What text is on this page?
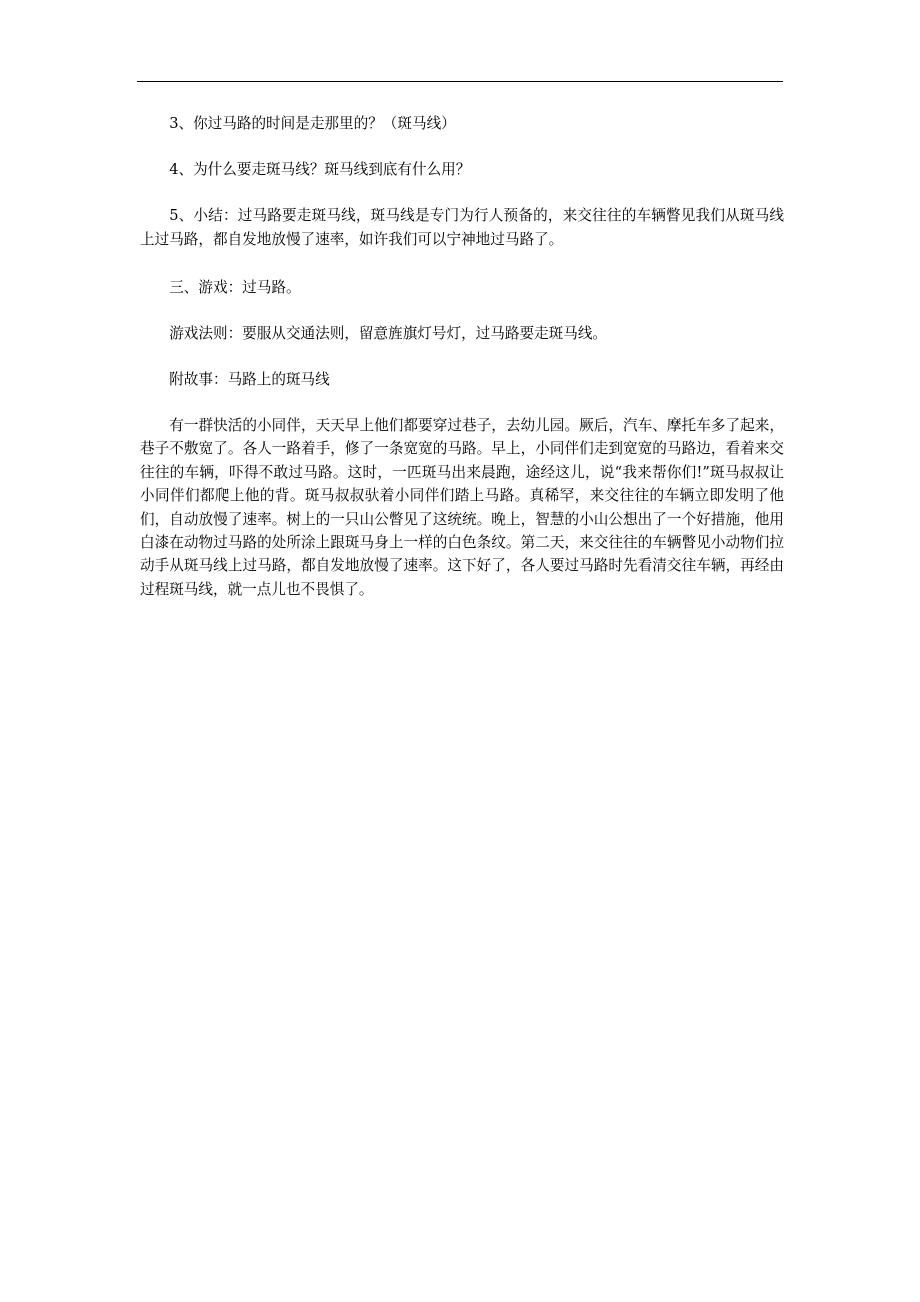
3、你过马路的时间是走那里的？（斑马线）

4、为什么要走斑马线？斑马线到底有什么用？

5、小结：过马路要走斑马线，斑马线是专门为行人预备的，来交往往的车辆瞥见我们从斑马线上过马路，都自发地放慢了速率，如许我们可以宁神地过马路了。

三、游戏：过马路。

游戏法则：要服从交通法则，留意旌旗灯号灯，过马路要走斑马线。

附故事：马路上的斑马线

有一群快活的小同伴，天天早上他们都要穿过巷子，去幼儿园。厥后，汽车、摩托车多了起来，巷子不敷宽了。各人一路着手，修了一条宽宽的马路。早上，小同伴们走到宽宽的马路边，看着来交往往的车辆，吓得不敢过马路。这时，一匹斑马出来晨跑，途经这儿，说“我来帮你们!”斑马叔叔让小同伴们都爬上他的背。斑马叔叔驮着小同伴们踏上马路。真稀罕，来交往往的车辆立即发明了他们，自动放慢了速率。树上的一只山公瞥见了这统统。晚上，智慧的小山公想出了一个好措施，他用白漆在动物过马路的处所涂上跟斑马身上一样的白色条纹。第二天，来交往往的车辆瞥见小动物们拉动手从斑马线上过马路，都自发地放慢了速率。这下好了，各人要过马路时先看清交往车辆，再经由过程斑马线，就一点儿也不畏惧了。
